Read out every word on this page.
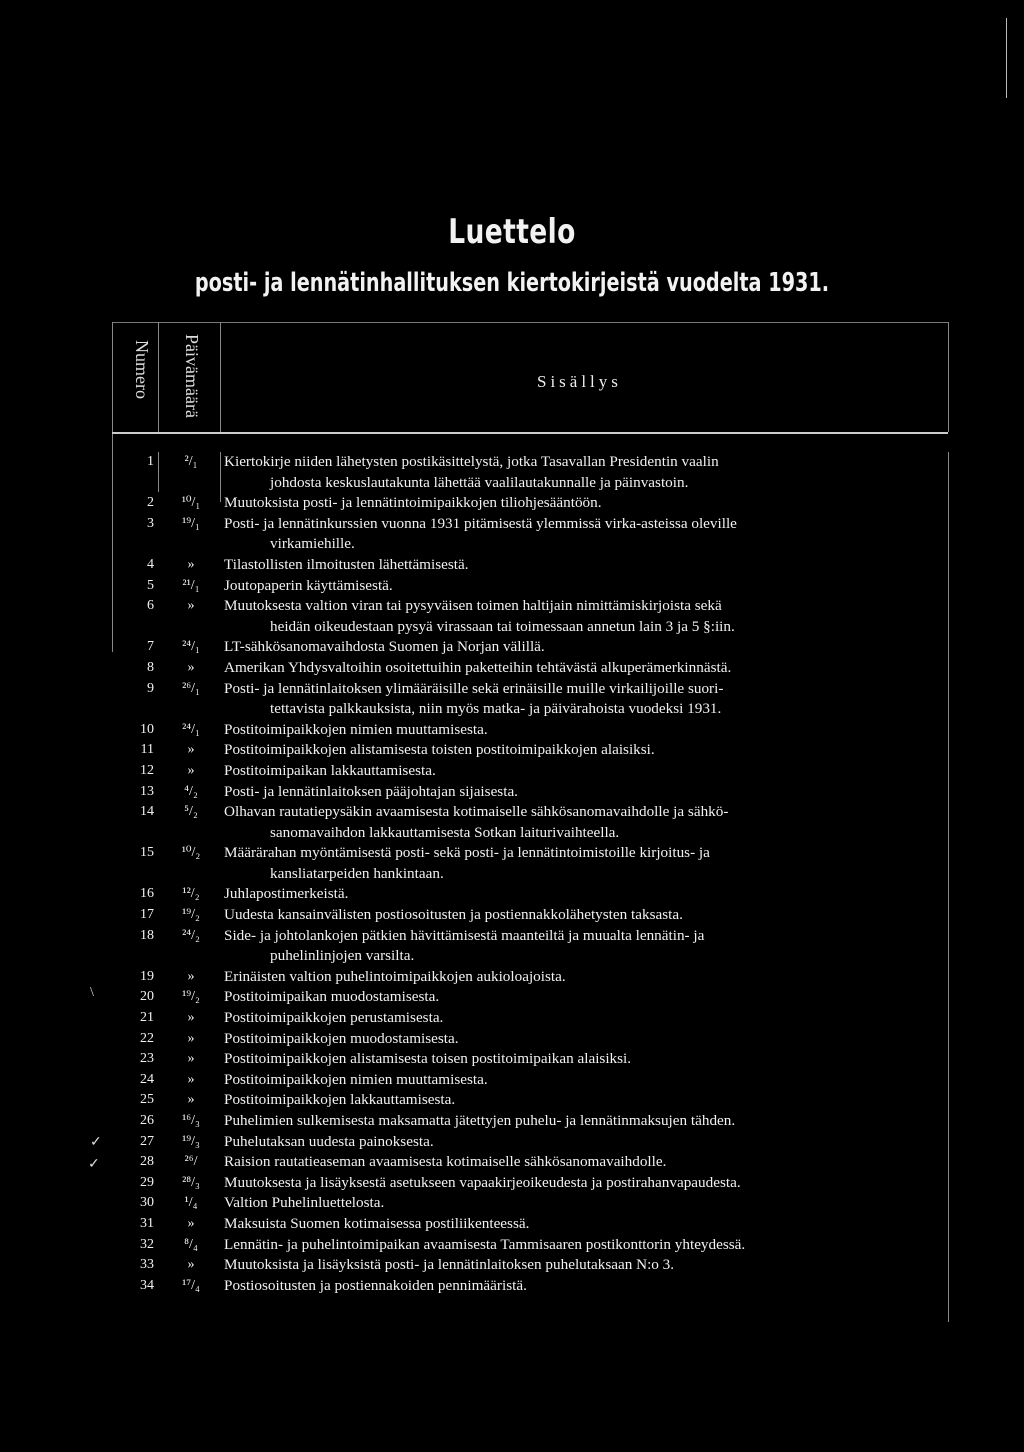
Luettelo
posti- ja lennätinhallituksen kiertokirjeistä vuodelta 1931.
Numero Päivämäärä	Sisällys
\
✓
✓
1	²/₁	Kiertokirje niiden lähetysten postikäsittelystä, jotka Tasavallan Presidentin vaalin
johdosta keskuslautakunta lähettää vaalilautakunnalle ja päinvastoin.
2	¹⁰/₁	Muutoksista posti- ja lennätintoimipaikkojen tiliohjesääntöön.
3	¹⁹/₁	Posti- ja lennätinkurssien vuonna 1931 pitämisestä ylemmissä virka-asteissa oleville
virkamiehille.
4	»	Tilastollisten ilmoitusten lähettämisestä.
5	²¹/₁	Joutopaperin käyttämisestä.
6	»	Muutoksesta valtion viran tai pysyväisen toimen haltijain nimittämiskirjoista sekä
heidän oikeudestaan pysyä virassaan tai toimessaan annetun lain 3 ja 5 §:iin.
7	²⁴/₁	LT-sähkösanomavaihdosta Suomen ja Norjan välillä.
8	»	Amerikan Yhdysvaltoihin osoitettuihin paketteihin tehtävästä alkuperämerkinnästä.
9	²⁶/₁	Posti- ja lennätinlaitoksen ylimääräisille sekä erinäisille muille virkailijoille suori-
tettavista palkkauksista, niin myös matka- ja päivärahoista vuodeksi 1931.
10	²⁴/₁	Postitoimipaikkojen nimien muuttamisesta.
11	»	Postitoimipaikkojen alistamisesta toisten postitoimipaikkojen alaisiksi.
12	»	Postitoimipaikan lakkauttamisesta.
13	⁴/₂	Posti- ja lennätinlaitoksen pääjohtajan sijaisesta.
14	⁵/₂	Olhavan rautatiepysäkin avaamisesta kotimaiselle sähkösanomavaihdolle ja sähkö-
sanomavaihdon lakkauttamisesta Sotkan laiturivaihteella.
15	¹⁰/₂	Määrärahan myöntämisestä posti- sekä posti- ja lennätintoimistoille kirjoitus- ja
kansliatarpeiden hankintaan.
16	¹²/₂	Juhlapostimerkeistä.
17	¹⁹/₂	Uudesta kansainvälisten postiosoitusten ja postiennakkolähetysten taksasta.
18	²⁴/₂	Side- ja johtolankojen pätkien hävittämisestä maanteiltä ja muualta lennätin- ja
puhelinlinjojen varsilta.
19	»	Erinäisten valtion puhelintoimipaikkojen aukioloajoista.
20	¹⁹/₂	Postitoimipaikan muodostamisesta.
21	»	Postitoimipaikkojen perustamisesta.
22	»	Postitoimipaikkojen muodostamisesta.
23	»	Postitoimipaikkojen alistamisesta toisen postitoimipaikan alaisiksi.
24	»	Postitoimipaikkojen nimien muuttamisesta.
25	»	Postitoimipaikkojen lakkauttamisesta.
26	¹⁶/₃	Puhelimien sulkemisesta maksamatta jätettyjen puhelu- ja lennätinmaksujen tähden.
27	¹⁹/₃	Puhelutaksan uudesta painoksesta.
28	²⁶/	Raision rautatieaseman avaamisesta kotimaiselle sähkösanomavaihdolle.
29	²⁸/₃	Muutoksesta ja lisäyksestä asetukseen vapaakirjeoikeudesta ja postirahanvapaudesta.
30	¹/₄	Valtion Puhelinluettelosta.
31	»	Maksuista Suomen kotimaisessa postiliikenteessä.
32	⁸/₄	Lennätin- ja puhelintoimipaikan avaamisesta Tammisaaren postikonttorin yhteydessä.
33	»	Muutoksista ja lisäyksistä posti- ja lennätinlaitoksen puhelutaksaan N:o 3.
34	¹⁷/₄	Postiosoitusten ja postiennakoiden pennimääristä.
